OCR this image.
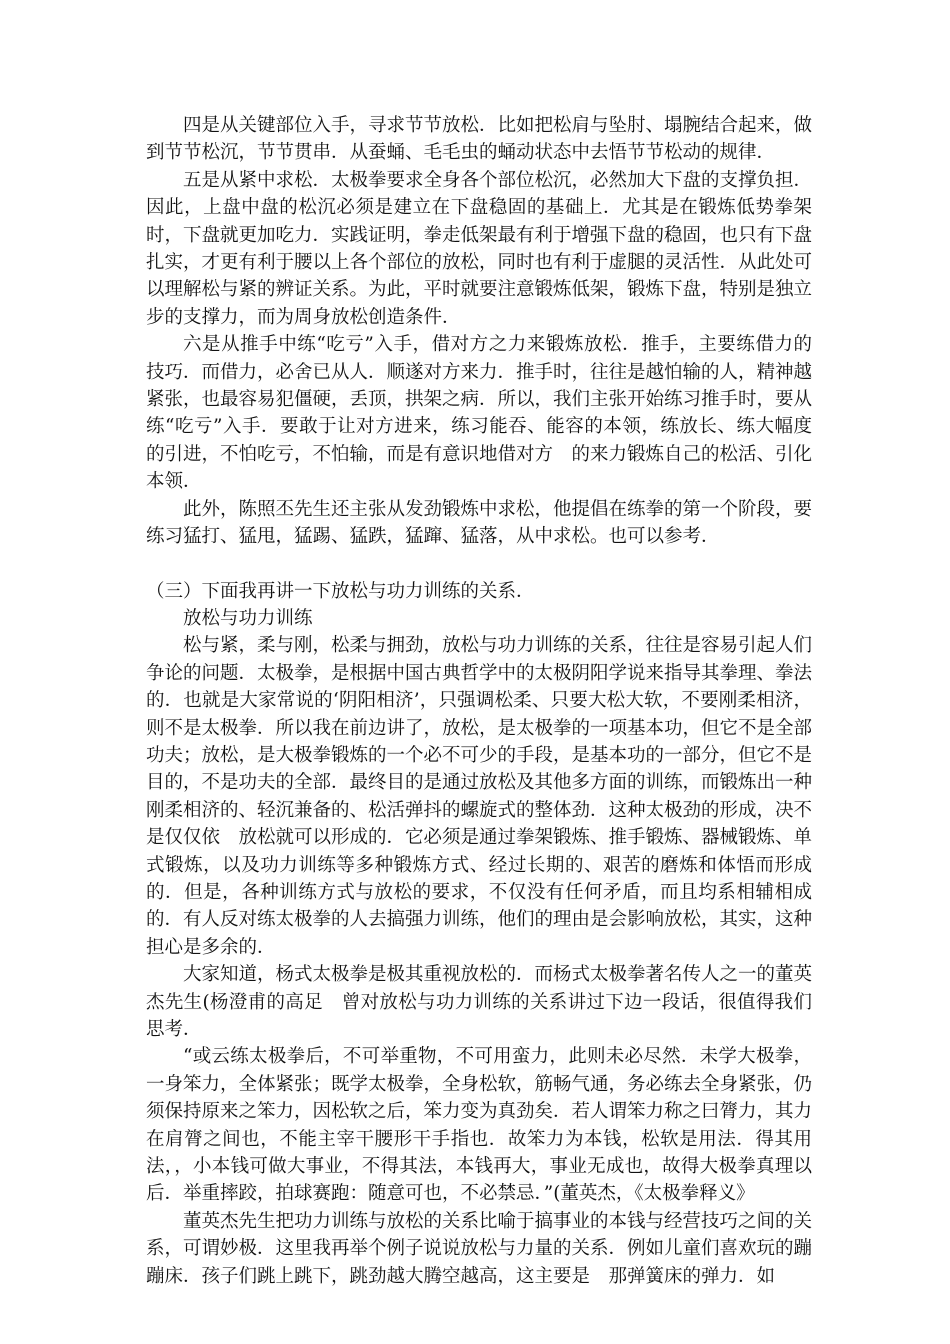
四是从关键部位入手，寻求节节放松．比如把松肩与坠肘、塌腕结合起来，做到节节松沉，节节贯串．从蚕蛹、毛毛虫的蛹动状态中去悟节节松动的规律．

五是从紧中求松．太极拳要求全身各个部位松沉，必然加大下盘的支撑负担．因此，上盘中盘的松沉必须是建立在下盘稳固的基础上．尤其是在锻炼低势拳架时，下盘就更加吃力．实践证明，拳走低架最有利于增强下盘的稳固，也只有下盘扎实，才更有利于腰以上各个部位的放松，同时也有利于虚腿的灵活性．从此处可以理解松与紧的辨证关系。为此，平时就要注意锻炼低架，锻炼下盘，特别是独立步的支撑力，而为周身放松创造条件．

六是从推手中练“吃亏”入手，借对方之力来锻炼放松．推手，主要练借力的技巧．而借力，必舍已从人．顺遂对方来力．推手时，往往是越怕输的人，精神越紧张，也最容易犯僵硬，丢顶，拱架之病．所以，我们主张开始练习推手时，要从练“吃亏”入手．要敢于让对方进来，练习能吞、能容的本领，练放长、练大幅度的引进，不怕吃亏，不怕输，而是有意识地借对方　的来力锻炼自己的松活、引化本领．

此外，陈照丕先生还主张从发劲锻炼中求松，他提倡在练拳的第一个阶段，要练习猛打、猛甩，猛踢、猛跌，猛蹿、猛落，从中求松。也可以参考．

（三）下面我再讲一下放松与功力训练的关系．

放松与功力训练

松与紧，柔与刚，松柔与拥劲，放松与功力训练的关系，往往是容易引起人们争论的问题．太极拳，是根据中国古典哲学中的太极阴阳学说来指导其拳理、拳法的．也就是大家常说的‘阴阳相济’，只强调松柔、只要大松大软，不要刚柔相济，则不是太极拳．所以我在前边讲了，放松，是太极拳的一项基本功，但它不是全部功夫；放松，是大极拳锻炼的一个必不可少的手段，是基本功的一部分，但它不是目的，不是功夫的全部．最终目的是通过放松及其他多方面的训练，而锻炼出一种刚柔相济的、轻沉兼备的、松活弹抖的螺旋式的整体劲．这种太极劲的形成，决不是仅仅依　放松就可以形成的．它必须是通过拳架锻炼、推手锻炼、器械锻炼、单式锻炼，以及功力训练等多种锻炼方式、经过长期的、艰苦的磨炼和体悟而形成的．但是，各种训练方式与放松的要求，不仅没有任何矛盾，而且均系相辅相成的．有人反对练太极拳的人去搞强力训练，他们的理由是会影响放松，其实，这种担心是多余的．

大家知道，杨式太极拳是极其重视放松的．而杨式太极拳著名传人之一的董英杰先生(杨澄甫的高足　曾对放松与功力训练的关系讲过下边一段话，很值得我们思考．

“或云练太极拳后，不可举重物，不可用蛮力，此则未必尽然．未学大极拳，一身笨力，全体紧张；既学太极拳，全身松软，筋畅气通，务必练去全身紧张，仍须保持原来之笨力，因松软之后，笨力变为真劲矣．若人谓笨力称之曰膂力，其力在肩膂之间也，不能主宰干腰形干手指也．故笨力为本钱，松软是用法．得其用法，，小本钱可做大事业，不得其法，本钱再大，事业无成也，故得大极拳真理以后．举重摔跤，拍球赛跑：随意可也，不必禁忌．”(董英杰，《太极拳释义》

董英杰先生把功力训练与放松的关系比喻于搞事业的本钱与经营技巧之间的关系，可谓妙极．这里我再举个例子说说放松与力量的关系．例如儿童们喜欢玩的蹦蹦床．孩子们跳上跳下，跳劲越大腾空越高，这主要是　那弹簧床的弹力．如
